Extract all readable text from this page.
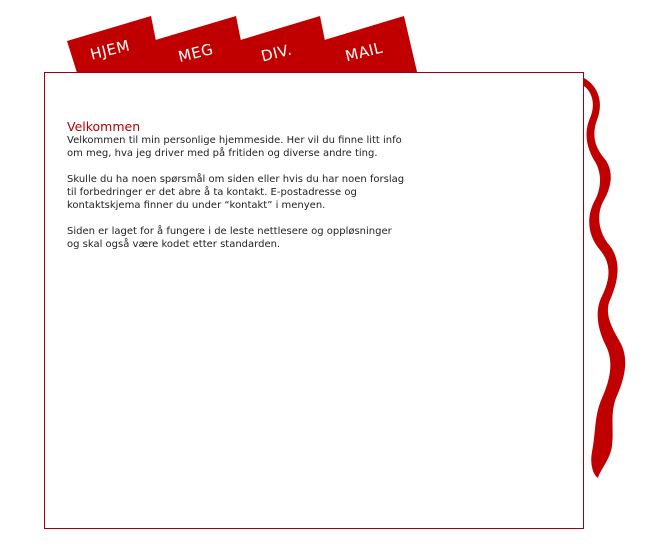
HJEM	MEG	DIV.	MAIL
Velkommen

Velkommen til min personlige hjemmeside. Her vil du finne litt info om meg, hva jeg driver med på fritiden og diverse andre ting.

Skulle du ha noen spørsmål om siden eller hvis du har noen forslag til forbedringer er det abre å ta kontakt. E-postadresse og kontaktskjema finner du under “kontakt” i menyen.

Siden er laget for å fungere i de leste nettlesere og oppløsninger og skal også være kodet etter standarden.
